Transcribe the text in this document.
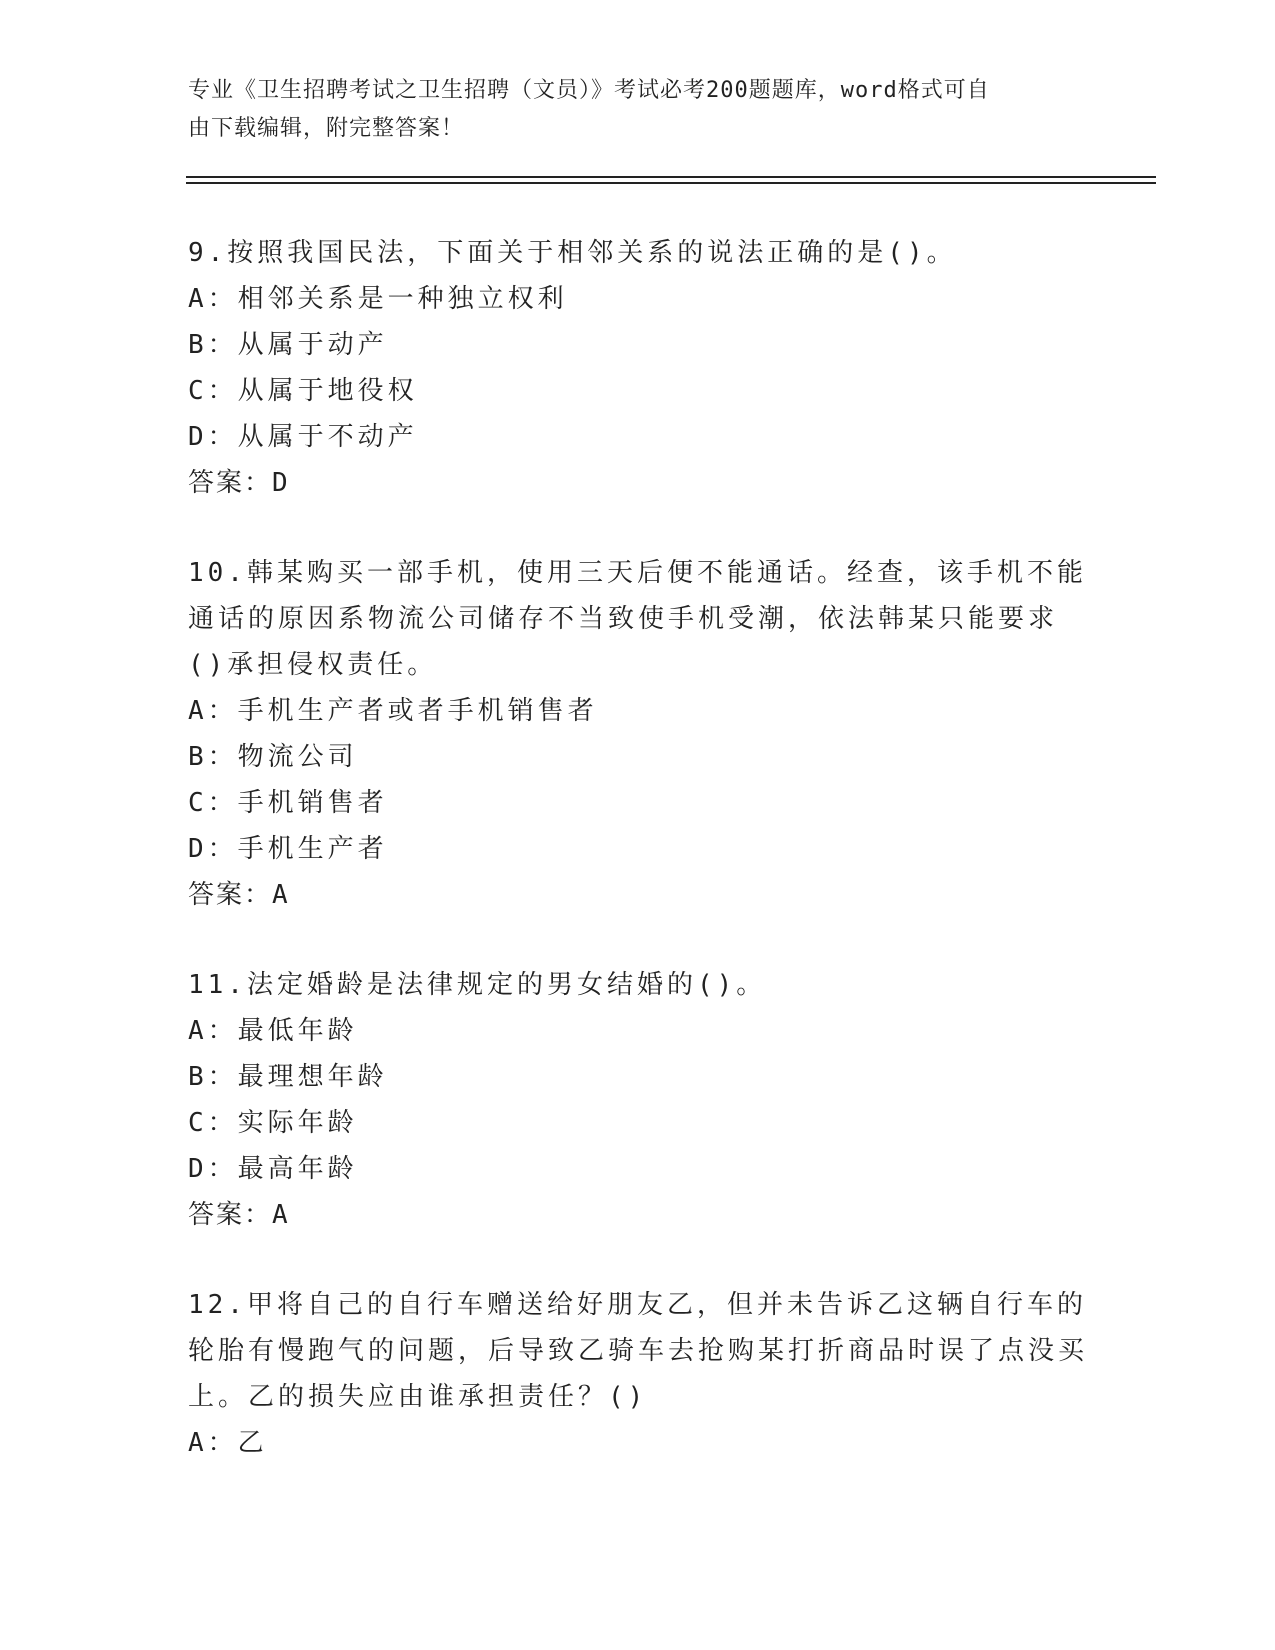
专业《卫生招聘考试之卫生招聘（文员）》考试必考200题题库，word格式可自
由下载编辑，附完整答案！

9.按照我国民法，下面关于相邻关系的说法正确的是()。

A：相邻关系是一种独立权利

B：从属于动产

C：从属于地役权

D：从属于不动产

答案：D

10.韩某购买一部手机，使用三天后便不能通话。经查，该手机不能通话的原因系物流公司储存不当致使手机受潮，依法韩某只能要求()承担侵权责任。

A：手机生产者或者手机销售者

B：物流公司

C：手机销售者

D：手机生产者

答案：A

11.法定婚龄是法律规定的男女结婚的()。

A：最低年龄

B：最理想年龄

C：实际年龄

D：最高年龄

答案：A

12.甲将自己的自行车赠送给好朋友乙，但并未告诉乙这辆自行车的轮胎有慢跑气的问题，后导致乙骑车去抢购某打折商品时误了点没买上。乙的损失应由谁承担责任？()

A：乙
